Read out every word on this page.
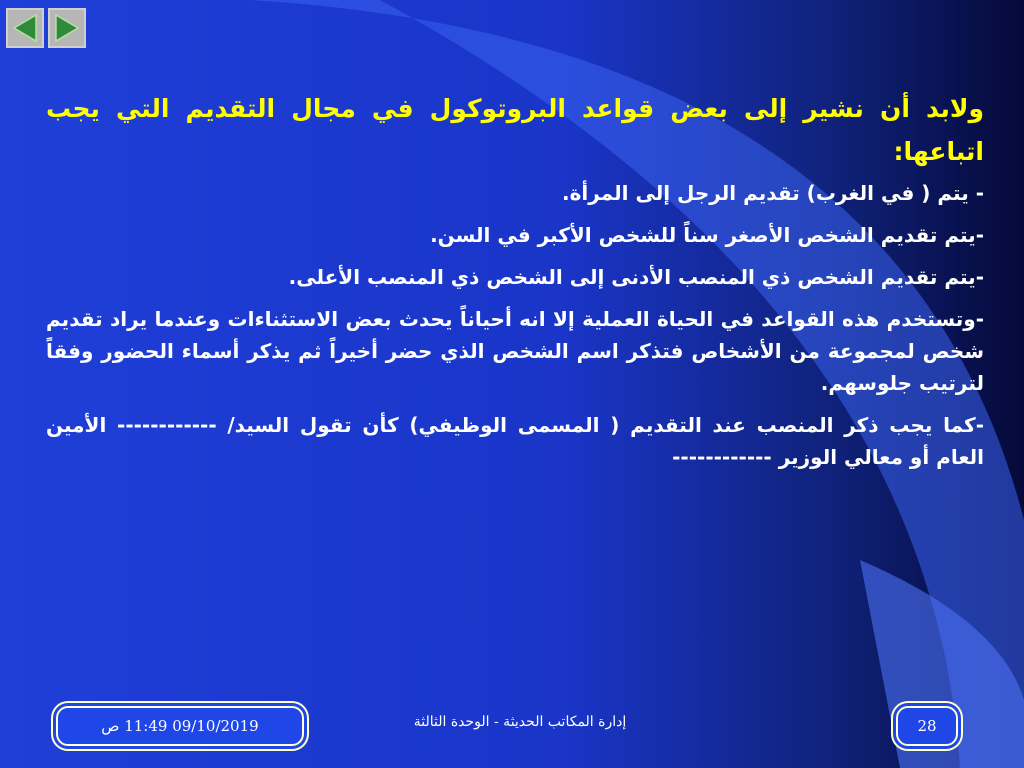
ولابد أن نشير إلى بعض قواعد البروتوكول في مجال التقديم التي يجب اتباعها:

- يتم ( في الغرب) تقديم الرجل إلى المرأة.

-يتم تقديم الشخص الأصغر سناً للشخص الأكبر في السن.

-يتم تقديم الشخص ذي المنصب الأدنى إلى الشخص ذي المنصب الأعلى.

-وتستخدم هذه القواعد في الحياة العملية إلا انه أحياناً يحدث بعض الاستثناءات وعندما يراد تقديم شخص لمجموعة من الأشخاص فتذكر اسم الشخص الذي حضر أخيراً ثم يذكر أسماء الحضور وفقاً لترتيب جلوسهم.

-كما يجب ذكر المنصب عند التقديم ( المسمى الوظيفي) كأن تقول السيد/ ------------ الأمين العام أو معالي الوزير ------------

09/10/2019 11:49 ص	إدارة المكاتب الحديثة - الوحدة الثالثة	28
